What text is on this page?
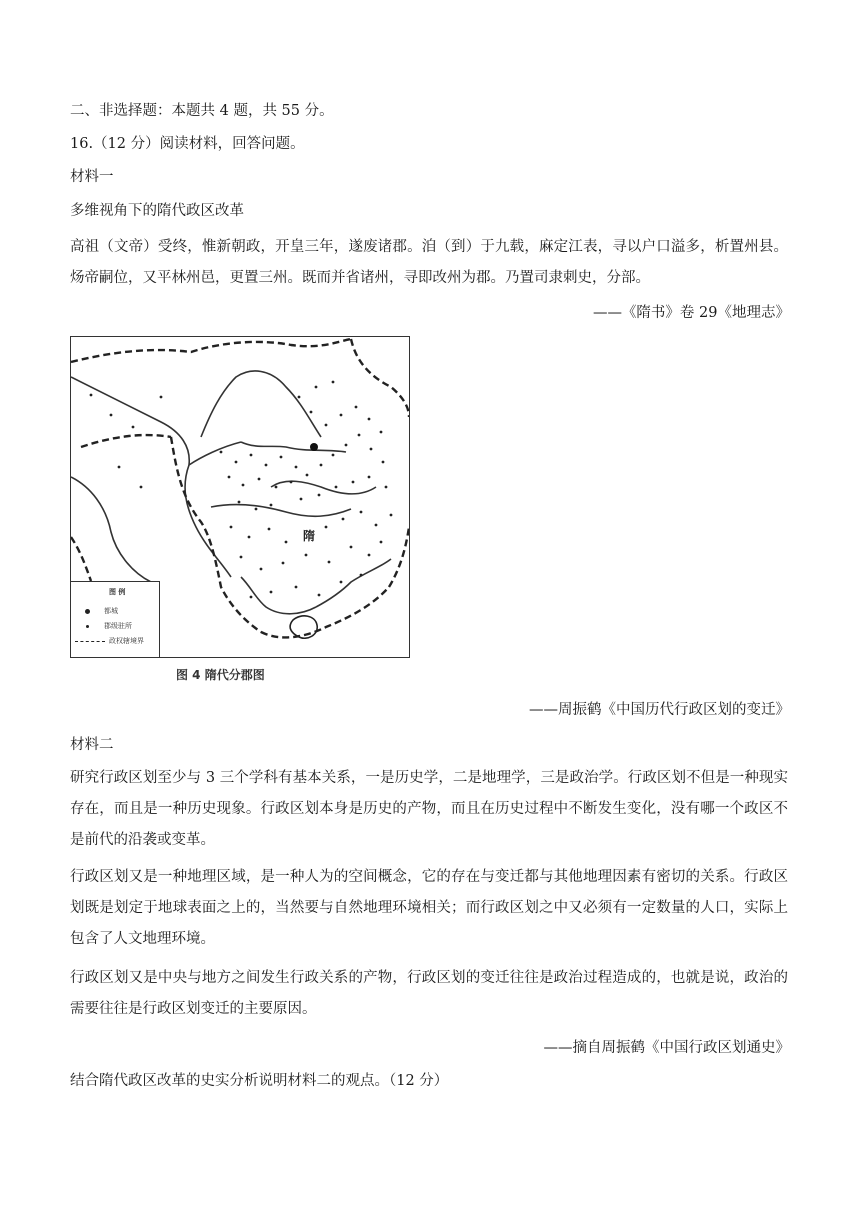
二、非选择题：本题共 4 题，共 55 分。
16.（12 分）阅读材料，回答问题。
材料一
多维视角下的隋代政区改革
高祖（文帝）受终，惟新朝政，开皇三年，遂废诸郡。洎（到）于九载，麻定江表，寻以户口溢多，析置州县。炀帝嗣位，又平林州邑，更置三州。既而并省诸州，寻即改州为郡。乃置司隶刺史，分部。
——《隋书》卷 29《地理志》
隋
图 例
都城
郡级驻所
政权辖境界
图 4 隋代分郡图
——周振鹤《中国历代行政区划的变迁》
材料二
研究行政区划至少与 3 三个学科有基本关系，一是历史学，二是地理学，三是政治学。行政区划不但是一种现实存在，而且是一种历史现象。行政区划本身是历史的产物，而且在历史过程中不断发生变化，没有哪一个政区不是前代的沿袭或变革。
行政区划又是一种地理区域，是一种人为的空间概念，它的存在与变迁都与其他地理因素有密切的关系。行政区划既是划定于地球表面之上的，当然要与自然地理环境相关；而行政区划之中又必须有一定数量的人口，实际上包含了人文地理环境。
行政区划又是中央与地方之间发生行政关系的产物，行政区划的变迁往往是政治过程造成的，也就是说，政治的需要往往是行政区划变迁的主要原因。
——摘自周振鹤《中国行政区划通史》
结合隋代政区改革的史实分析说明材料二的观点。（12 分）
